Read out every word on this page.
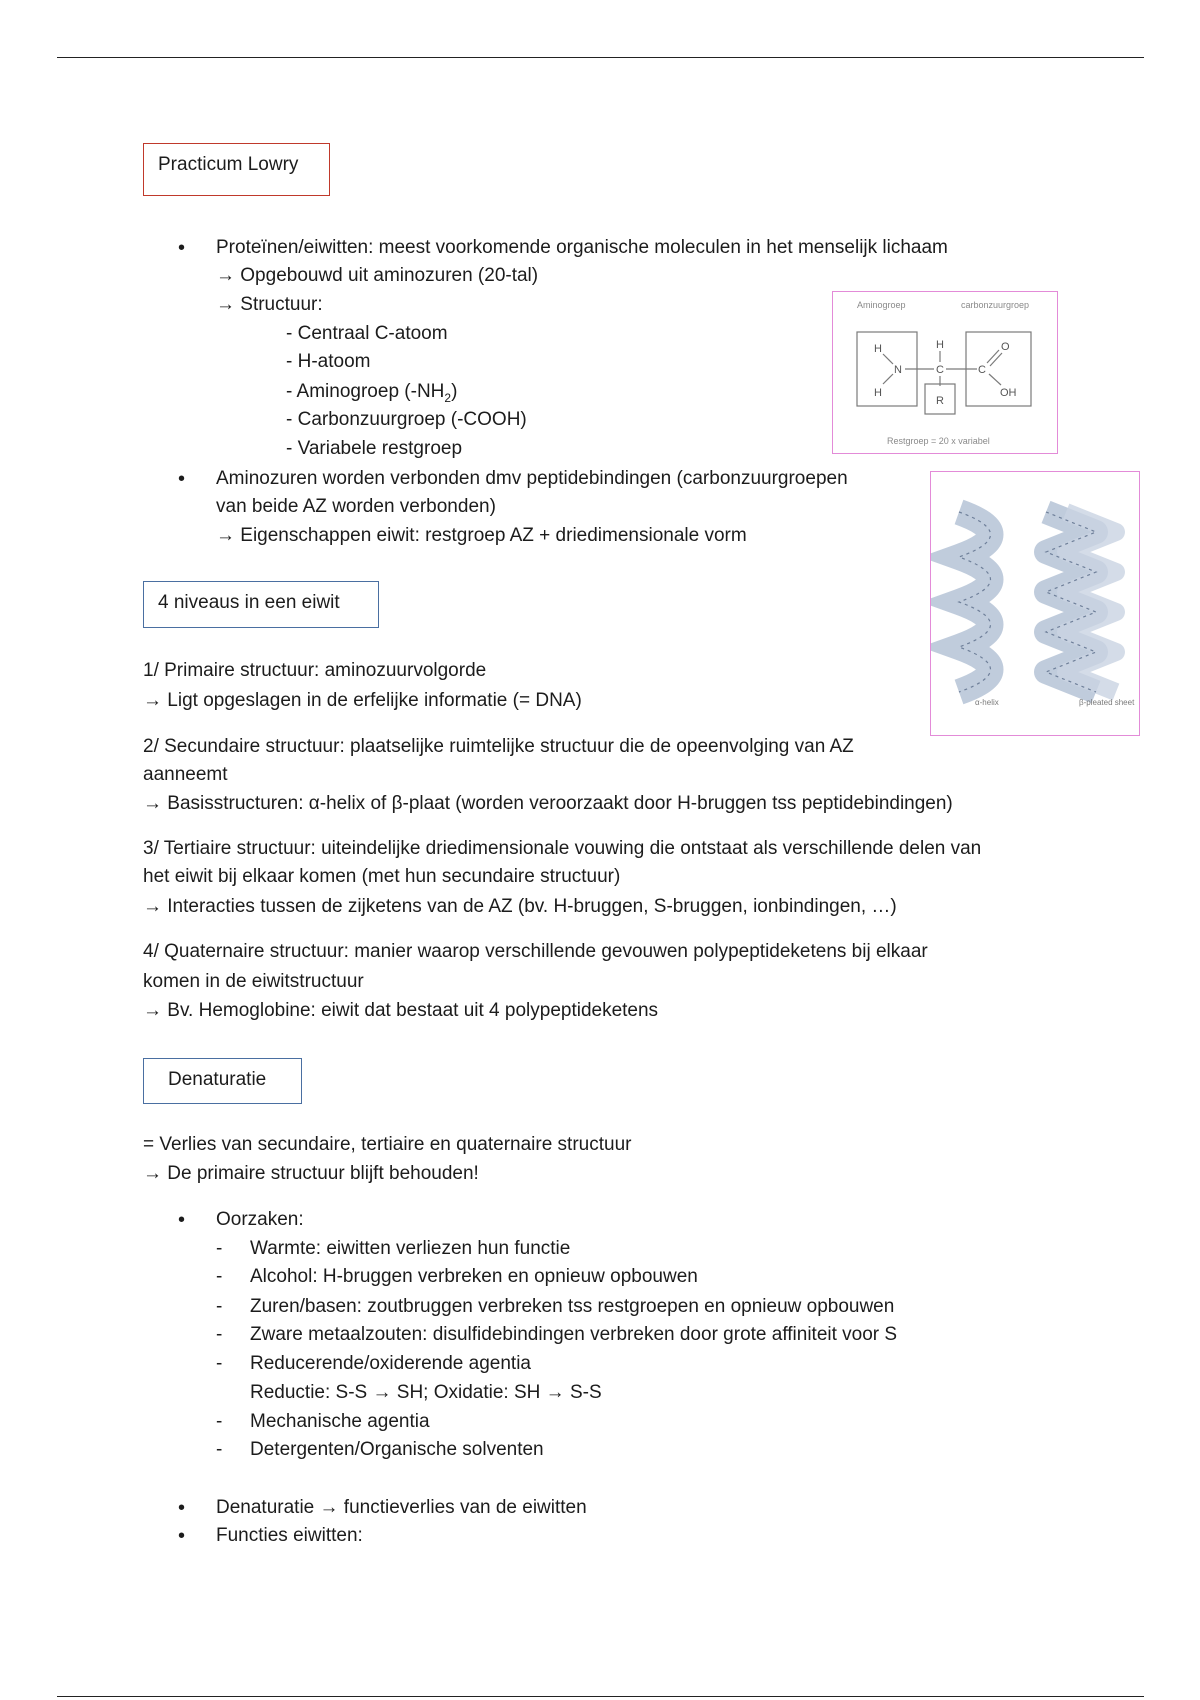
Practicum Lowry
• Proteïnen/eiwitten: meest voorkomende organische moleculen in het menselijk lichaam
→ Opgebouwd uit aminozuren (20-tal)
→ Structuur:
- Centraal C-atoom
- H-atoom
- Aminogroep $(-NH_2)$
- Carbonzuurgroep (-COOH)
- Variabele restgroep
• Aminozuren worden verbonden dmv peptidebindingen (carbonzuurgroepen
van beide AZ worden verbonden)
→ Eigenschappen eiwit: restgroep AZ + driedimensionale vorm
Aminogroep	carbonzuurgroep
Restgroep = 20 x variabel
H
H
N
H
C	C
O
OH
R
α-helix	β-pleated sheet
4 niveaus in een eiwit
1/ Primaire structuur: aminozuurvolgorde
→ Ligt opgeslagen in de erfelijke informatie (= DNA)
2/ Secundaire structuur: plaatselijke ruimtelijke structuur die de opeenvolging van AZ
aanneemt
→ Basisstructuren: α-helix of β-plaat (worden veroorzaakt door H-bruggen tss peptidebindingen)
3/ Tertiaire structuur: uiteindelijke driedimensionale vouwing die ontstaat als verschillende delen van
het eiwit bij elkaar komen (met hun secundaire structuur)
→ Interacties tussen de zijketens van de AZ (bv. H-bruggen, S-bruggen, ionbindingen, …)
4/ Quaternaire structuur: manier waarop verschillende gevouwen polypeptideketens bij elkaar
komen in de eiwitstructuur
→ Bv. Hemoglobine: eiwit dat bestaat uit 4 polypeptideketens
Denaturatie
= Verlies van secundaire, tertiaire en quaternaire structuur
→ De primaire structuur blijft behouden!
• Oorzaken:
- Warmte: eiwitten verliezen hun functie
- Alcohol: H-bruggen verbreken en opnieuw opbouwen
- Zuren/basen: zoutbruggen verbreken tss restgroepen en opnieuw opbouwen
- Zware metaalzouten: disulfidebindingen verbreken door grote affiniteit voor S
- Reducerende/oxiderende agentia
Reductie: S-S → SH; Oxidatie: SH → S-S
- Mechanische agentia
- Detergenten/Organische solventen
• Denaturatie → functieverlies van de eiwitten
• Functies eiwitten:
